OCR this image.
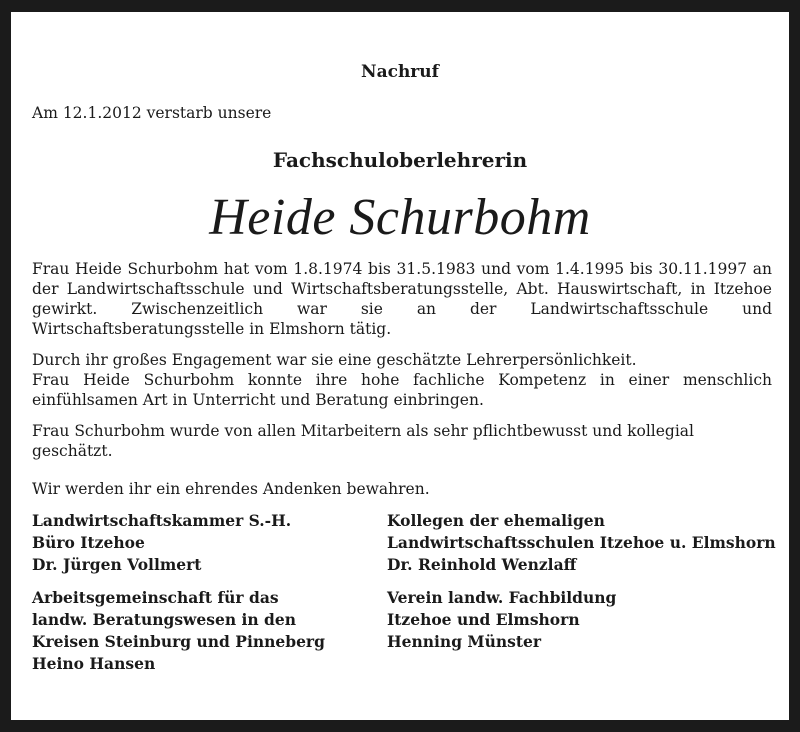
Nachruf
Am 12.1.2012 verstarb unsere
Fachschuloberlehrerin
Heide Schurbohm

Frau Heide Schurbohm hat vom 1.8.1974 bis 31.5.1983 und vom 1.4.1995 bis 30.11.1997 an der Landwirtschaftsschule und Wirtschaftsberatungsstelle, Abt. Hauswirtschaft, in Itzehoe gewirkt. Zwischenzeitlich war sie an der Landwirtschaftsschule und Wirtschaftsberatungsstelle in Elmshorn tätig.

Durch ihr großes Engagement war sie eine geschätzte Lehrerpersönlichkeit.

Frau Heide Schurbohm konnte ihre hohe fachliche Kompetenz in einer menschlich einfühlsamen Art in Unterricht und Beratung einbringen.

Frau Schurbohm wurde von allen Mitarbeitern als sehr pflichtbewusst und kollegial geschätzt.

Wir werden ihr ein ehrendes Andenken bewahren.

Landwirtschaftskammer S.-H.
Büro Itzehoe
Dr. Jürgen Vollmert
Arbeitsgemeinschaft für das
landw. Beratungswesen in den
Kreisen Steinburg und Pinneberg
Heino Hansen
Kollegen der ehemaligen
Landwirtschaftsschulen Itzehoe u. Elmshorn
Dr. Reinhold Wenzlaff
Verein landw. Fachbildung
Itzehoe und Elmshorn
Henning Münster
